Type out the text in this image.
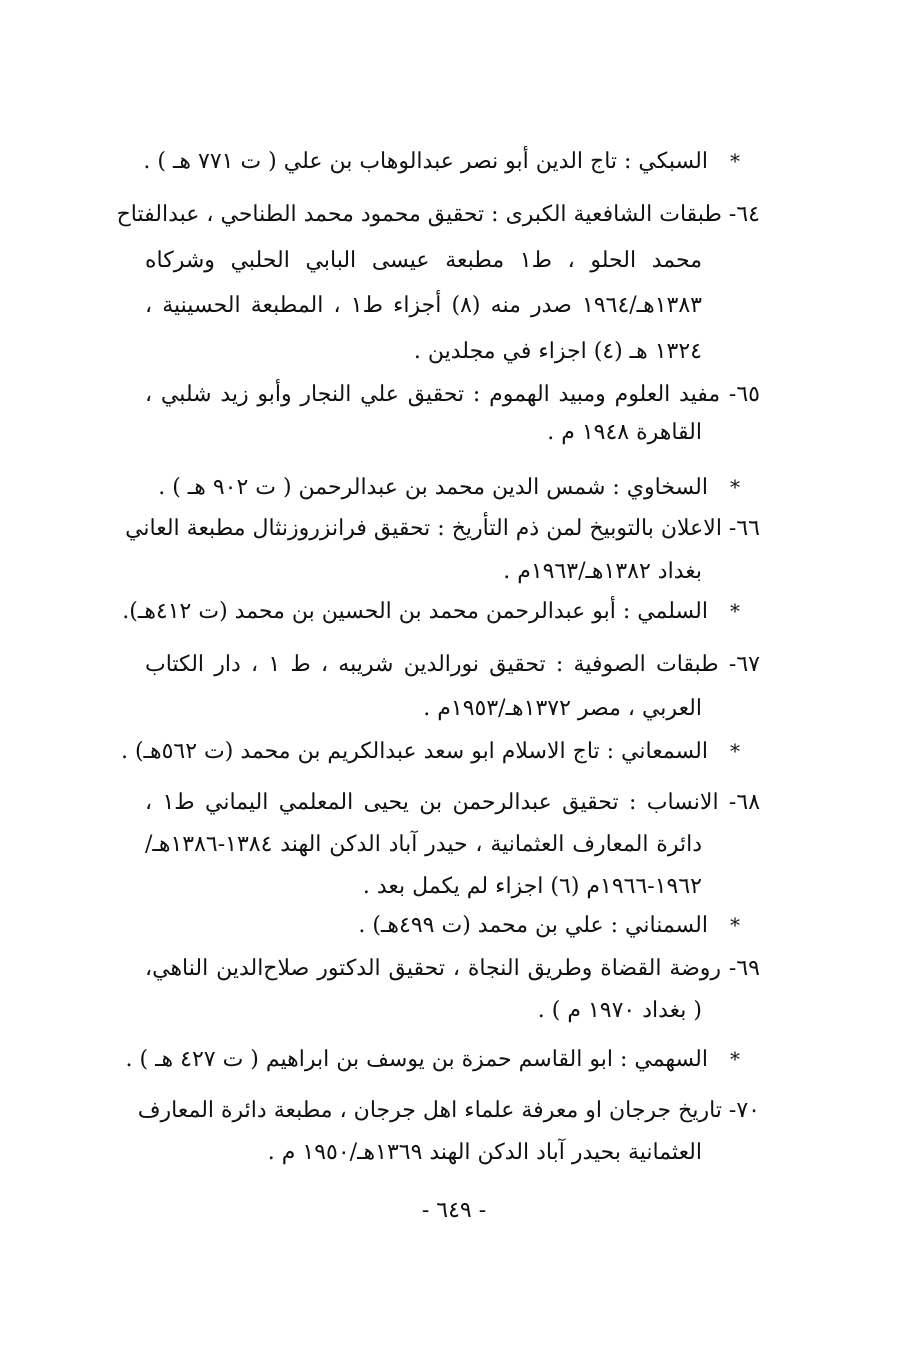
*السبكي : تاج الدين أبو نصر عبدالوهاب بن علي ( ت ٧٧١ هـ ) .
٦٤- طبقات الشافعية الكبرى : تحقيق محمود محمد الطناحي ، عبدالفتاح
محمد الحلو ، ط١ مطبعة عيسى البابي الحلبي وشركاه
١٣٨٣هـ/١٩٦٤ صدر منه (٨) أجزاء ط١ ، المطبعة الحسينية ،
١٣٢٤ هـ (٤) اجزاء في مجلدين .
٦٥- مفيد العلوم ومبيد الهموم : تحقيق علي النجار وأبو زيد شلبي ،
القاهرة ١٩٤٨ م .
*السخاوي : شمس الدين محمد بن عبدالرحمن ( ت ٩٠٢ هـ ) .
٦٦- الاعلان بالتوبيخ لمن ذم التأريخ : تحقيق فرانزروزنثال مطبعة العاني
بغداد ١٣٨٢هـ/١٩٦٣م .
*السلمي : أبو عبدالرحمن محمد بن الحسين بن محمد (ت ٤١٢هـ).
٦٧- طبقات الصوفية : تحقيق نورالدين شريبه ، ط ١ ، دار الكتاب
العربي ، مصر ١٣٧٢هـ/١٩٥٣م .
*السمعاني : تاج الاسلام ابو سعد عبدالكريم بن محمد (ت ٥٦٢هـ) .
٦٨- الانساب : تحقيق عبدالرحمن بن يحيى المعلمي اليماني ط١ ،
دائرة المعارف العثمانية ، حيدر آباد الدكن الهند ١٣٨٤-١٣٨٦هـ/
١٩٦٢-١٩٦٦م (٦) اجزاء لم يكمل بعد .
*السمناني : علي بن محمد (ت ٤٩٩هـ) .
٦٩- روضة القضاة وطريق النجاة ، تحقيق الدكتور صلاح‌الدين الناهي،
( بغداد ١٩٧٠ م ) .
*السهمي : ابو القاسم حمزة بن يوسف بن ابراهيم ( ت ٤٢٧ هـ ) .
٧٠- تاريخ جرجان او معرفة علماء اهل جرجان ، مطبعة دائرة المعارف
العثمانية بحيدر آباد الدكن الهند ١٣٦٩هـ/١٩٥٠ م .
- ٦٤٩ -
